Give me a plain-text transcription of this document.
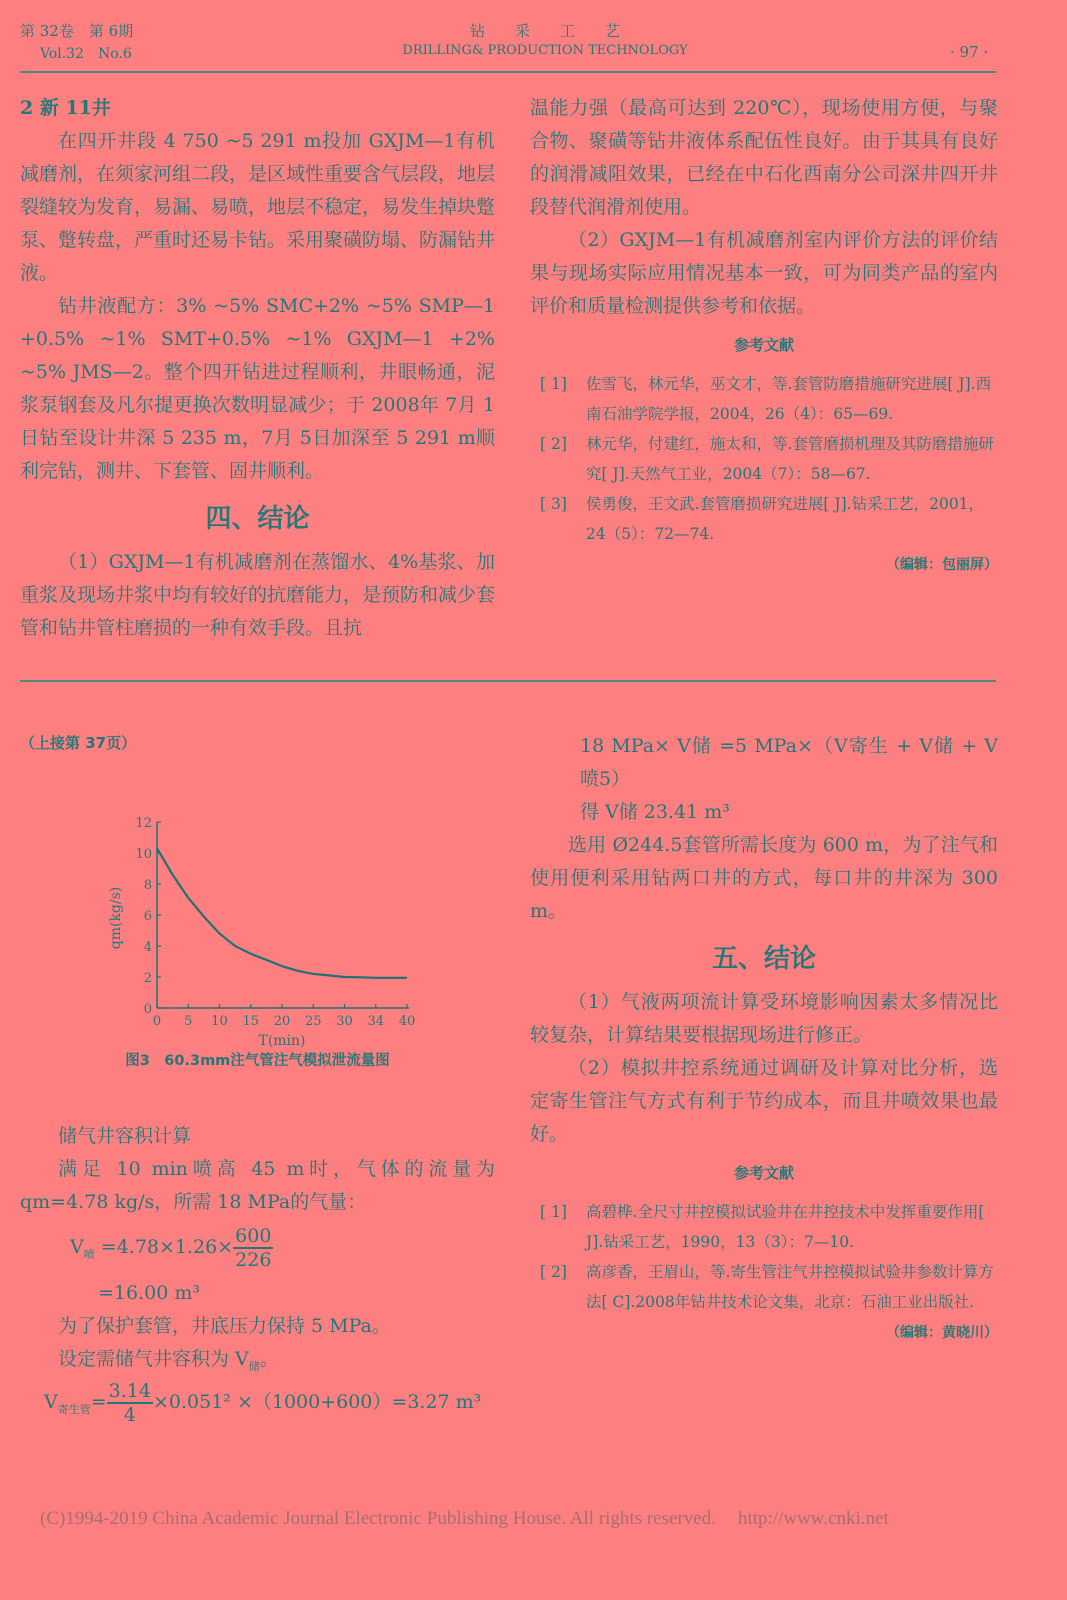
第 32卷　第 6期
Vol.32　No.6
钻　　采　　工　　艺
DRILLING& PRODUCTION TECHNOLOGY	· 97 ·
2 新 11井
在四开井段 4 750 ~5 291 m投加 GXJM—1有机减磨剂，在须家河组二段，是区域性重要含气层段，地层裂缝较为发育，易漏、易喷，地层不稳定，易发生掉块蹩泵、蹩转盘，严重时还易卡钻。采用聚磺防塌、防漏钻井液。
钻井液配方：3% ~5% SMC+2% ~5% SMP—1 +0.5% ~1% SMT+0.5% ~1% GXJM—1 +2% ~5% JMS—2。整个四开钻进过程顺利，井眼畅通，泥浆泵钢套及凡尔提更换次数明显减少；于 2008年 7月 1日钻至设计井深 5 235 m，7月 5日加深至 5 291 m顺利完钻，测井、下套管、固井顺利。
四、结论
（1）GXJM—1有机减磨剂在蒸馏水、4%基浆、加重浆及现场井浆中均有较好的抗磨能力，是预防和减少套管和钻井管柱磨损的一种有效手段。且抗
温能力强（最高可达到 220℃），现场使用方便，与聚合物、聚磺等钻井液体系配伍性良好。由于其具有良好的润滑减阻效果，已经在中石化西南分公司深井四开井段替代润滑剂使用。
（2）GXJM—1有机减磨剂室内评价方法的评价结果与现场实际应用情况基本一致，可为同类产品的室内评价和质量检测提供参考和依据。
参考文献
[ 1] 佐雪飞，林元华，巫文才，等.套管防磨措施研究进展[ J].西南石油学院学报，2004，26（4）：65—69.
[ 2] 林元华，付建红，施太和，等.套管磨损机理及其防磨措施研究[ J].天然气工业，2004（7）：58—67.
[ 3] 侯勇俊，王文武.套管磨损研究进展[ J].钻采工艺，2001，24（5）：72—74.
（编辑：包丽屏）
（上接第 37页）
0 5 10 15 20 25 30 34 40
0
2
4
6
8
10
12
T(min)
qm(kg/s)
图3　60.3mm注气管注气模拟泄流量图
储气井容积计算
满足 10 min喷高 45 m时，气体的流量为 qm=4.78 kg/s，所需 18 MPa的气量：
$V_喷 =4.78\times 1.26\times \frac{600}{226}$
=16.00 m³
为了保护套管，井底压力保持 5 MPa。
设定需储气井容积为 $V_储$。
$V_{寄生管}= \frac{3.14}{4} \times 0.051^2 \times(1000+600)=3.27$ m³
18 MPa× V储 =5 MPa×（V寄生 + V储 + V喷5）
得 V储 23.41 m³
选用 Ø244.5套管所需长度为 600 m，为了注气和使用便利采用钻两口井的方式，每口井的井深为 300 m。
五、结论
（1）气液两项流计算受环境影响因素太多情况比较复杂，计算结果要根据现场进行修正。
（2）模拟井控系统通过调研及计算对比分析，选定寄生管注气方式有利于节约成本，而且井喷效果也最好。
参考文献
[ 1] 高碧桦.全尺寸井控模拟试验井在井控技术中发挥重要作用[ J].钻采工艺，1990，13（3）：7—10.
[ 2] 高彦香，王眉山，等.寄生管注气井控模拟试验井参数计算方法[ C].2008年钻井技术论文集，北京：石油工业出版社.
（编辑：黄晓川）
(C)1994-2019 China Academic Journal Electronic Publishing House. All rights reserved. http://www.cnki.net
